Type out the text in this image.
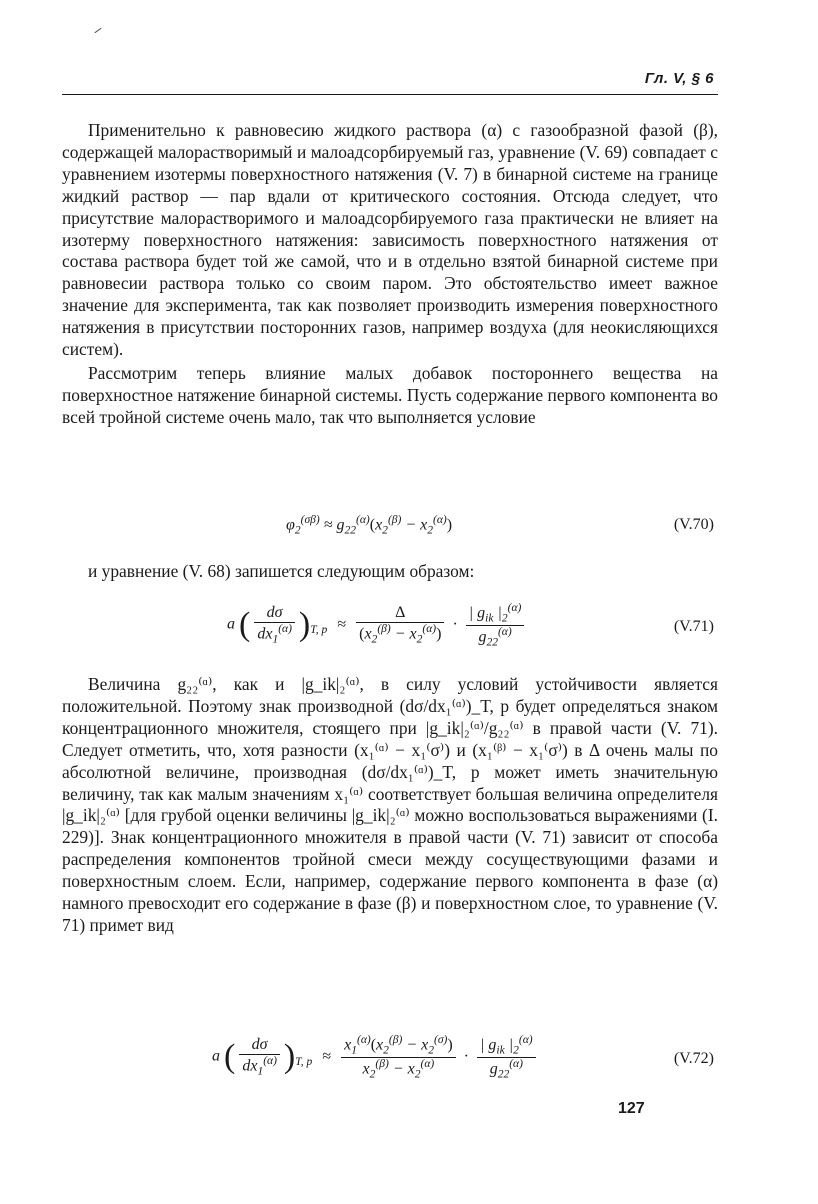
Гл. V, § 6

Применительно к равновесию жидкого раствора (α) с газообразной фазой (β), содержащей малорастворимый и малоадсорбируемый газ, уравнение (V. 69) совпадает с уравнением изотермы поверхностного натяжения (V. 7) в бинарной системе на границе жидкий раствор — пар вдали от критического состояния. Отсюда следует, что присутствие малорастворимого и малоадсорбируемого газа практически не влияет на изотерму поверхностного натяжения: зависимость поверхностного натяжения от состава раствора будет той же самой, что и в отдельно взятой бинарной системе при равновесии раствора только со своим паром. Это обстоятельство имеет важное значение для эксперимента, так как позволяет производить измерения поверхностного натяжения в присутствии посторонних газов, например воздуха (для неокисляющихся систем).

Рассмотрим теперь влияние малых добавок постороннего вещества на поверхностное натяжение бинарной системы. Пусть содержание первого компонента во всей тройной системе очень мало, так что выполняется условие

$\varphi_2^{(\sigma\beta)} \approx g_{22}^{(\alpha)}(x_2^{(\beta)} - x_2^{(\alpha)})$	(V.70)

и уравнение (V. 68) запишется следующим образом:

a ( $\frac{d\sigma}{dx_1^{(\alpha)}} )_{T, p} \approx \frac{\Delta}{(x_2^{(\beta)} - x_2^{(\alpha)})} \cdot \frac{| g_{ik} |_2^{(\alpha)}}{g_{22}^{(\alpha)}}$	(V.71)

Величина g₂₂⁽ᵅ⁾, как и |g_ik|₂⁽ᵅ⁾, в силу условий устойчивости является положительной. Поэтому знак производной (dσ/dx₁⁽ᵅ⁾)_T, p будет определяться знаком концентрационного множителя, стоящего при |g_ik|₂⁽ᵅ⁾/g₂₂⁽ᵅ⁾ в правой части (V. 71). Следует отметить, что, хотя разности (x₁⁽ᵅ⁾ − x₁⁽σ⁾) и (x₁⁽ᵝ⁾ − x₁⁽σ⁾) в Δ очень малы по абсолютной величине, производная (dσ/dx₁⁽ᵅ⁾)_T, p может иметь значительную величину, так как малым значениям x₁⁽ᵅ⁾ соответствует большая величина определителя |g_ik|₂⁽ᵅ⁾ [для грубой оценки величины |g_ik|₂⁽ᵅ⁾ можно воспользоваться выражениями (I. 229)]. Знак концентрационного множителя в правой части (V. 71) зависит от способа распределения компонентов тройной смеси между сосуществующими фазами и поверхностным слоем. Если, например, содержание первого компонента в фазе (α) намного превосходит его содержание в фазе (β) и поверхностном слое, то уравнение (V. 71) примет вид

a ( $\frac{d\sigma}{dx_1^{(\alpha)}} )_{T, p} \approx \frac{x_1^{(\alpha)}(x_2^{(\beta)} - x_2^{(\sigma)})}{x_2^{(\beta)} - x_2^{(\alpha)}} \cdot \frac{| g_{ik} |_2^{(\alpha)}}{g_{22}^{(\alpha)}}$	(V.72)
127
